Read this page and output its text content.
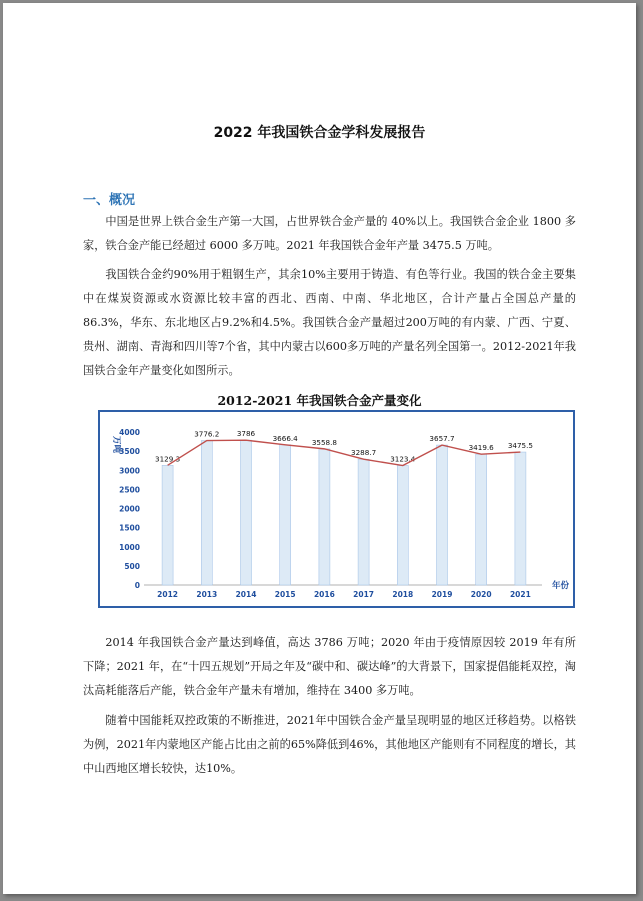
2022 年我国铁合金学科发展报告
一、概况

中国是世界上铁合金生产第一大国，占世界铁合金产量的 40%以上。我国铁合金企业 1800 多家，铁合金产能已经超过 6000 多万吨。2021 年我国铁合金年产量 3475.5 万吨。

我国铁合金约90%用于粗钢生产，其余10%主要用于铸造、有色等行业。我国的铁合金主要集中在煤炭资源或水资源比较丰富的西北、西南、中南、华北地区，合计产量占全国总产量的86.3%，华东、东北地区占9.2%和4.5%。我国铁合金产量超过200万吨的有内蒙、广西、宁夏、贵州、湖南、青海和四川等7个省，其中内蒙古以600多万吨的产量名列全国第一。2012-2021年我国铁合金年产量变化如图所示。

2012-2021 年我国铁合金产量变化
万吨
0
500
1000
1500
2000
2500
3000
3500
4000
3129.3
2012
3776.2
2013
3786
2014
3666.4
2015
3558.8
2016
3288.7
2017
3123.4
2018
3657.7
2019
3419.6
2020
3475.5
2021
年份

2014 年我国铁合金产量达到峰值，高达 3786 万吨；2020 年由于疫情原因较 2019 年有所下降；2021 年，在“十四五规划”开局之年及“碳中和、碳达峰”的大背景下，国家提倡能耗双控，淘汰高耗能落后产能，铁合金年产量未有增加，维持在 3400 多万吨。

随着中国能耗双控政策的不断推进，2021年中国铁合金产量呈现明显的地区迁移趋势。以格铁为例，2021年内蒙地区产能占比由之前的65%降低到46%，其他地区产能则有不同程度的增长，其中山西地区增长较快，达10%。
